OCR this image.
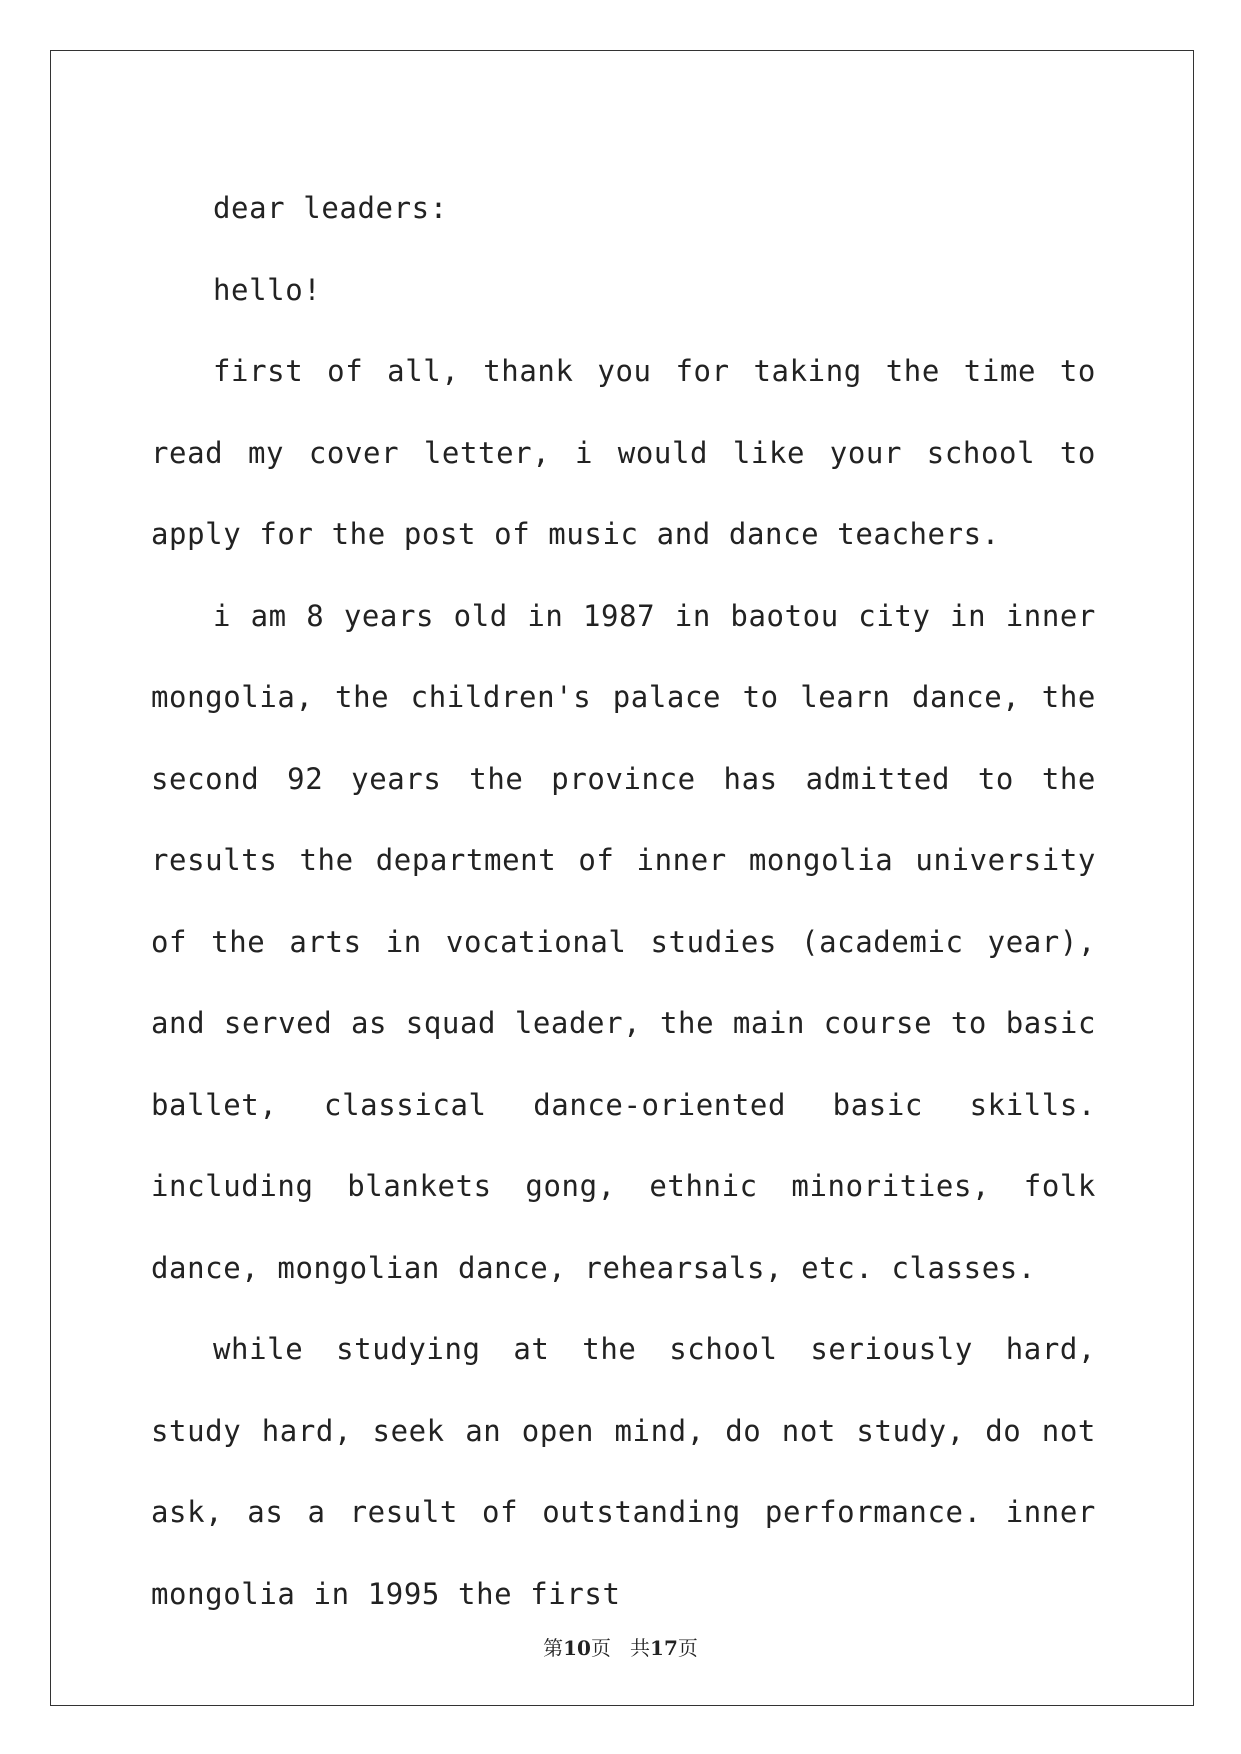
dear leaders:

hello!

first of all, thank you for taking the time to read my cover letter, i would like your school to apply for the post of music and dance teachers.

i am 8 years old in 1987 in baotou city in inner mongolia, the children's palace to learn dance, the second 92 years the province has admitted to the results the department of inner mongolia university of the arts in vocational studies (academic year), and served as squad leader, the main course to basic ballet, classical dance-oriented basic skills. including blankets gong, ethnic minorities, folk dance, mongolian dance, rehearsals, etc. classes.

while studying at the school seriously hard, study hard, seek an open mind, do not study, do not ask, as a result of outstanding performance. inner mongolia in 1995 the first

第10页 共17页
